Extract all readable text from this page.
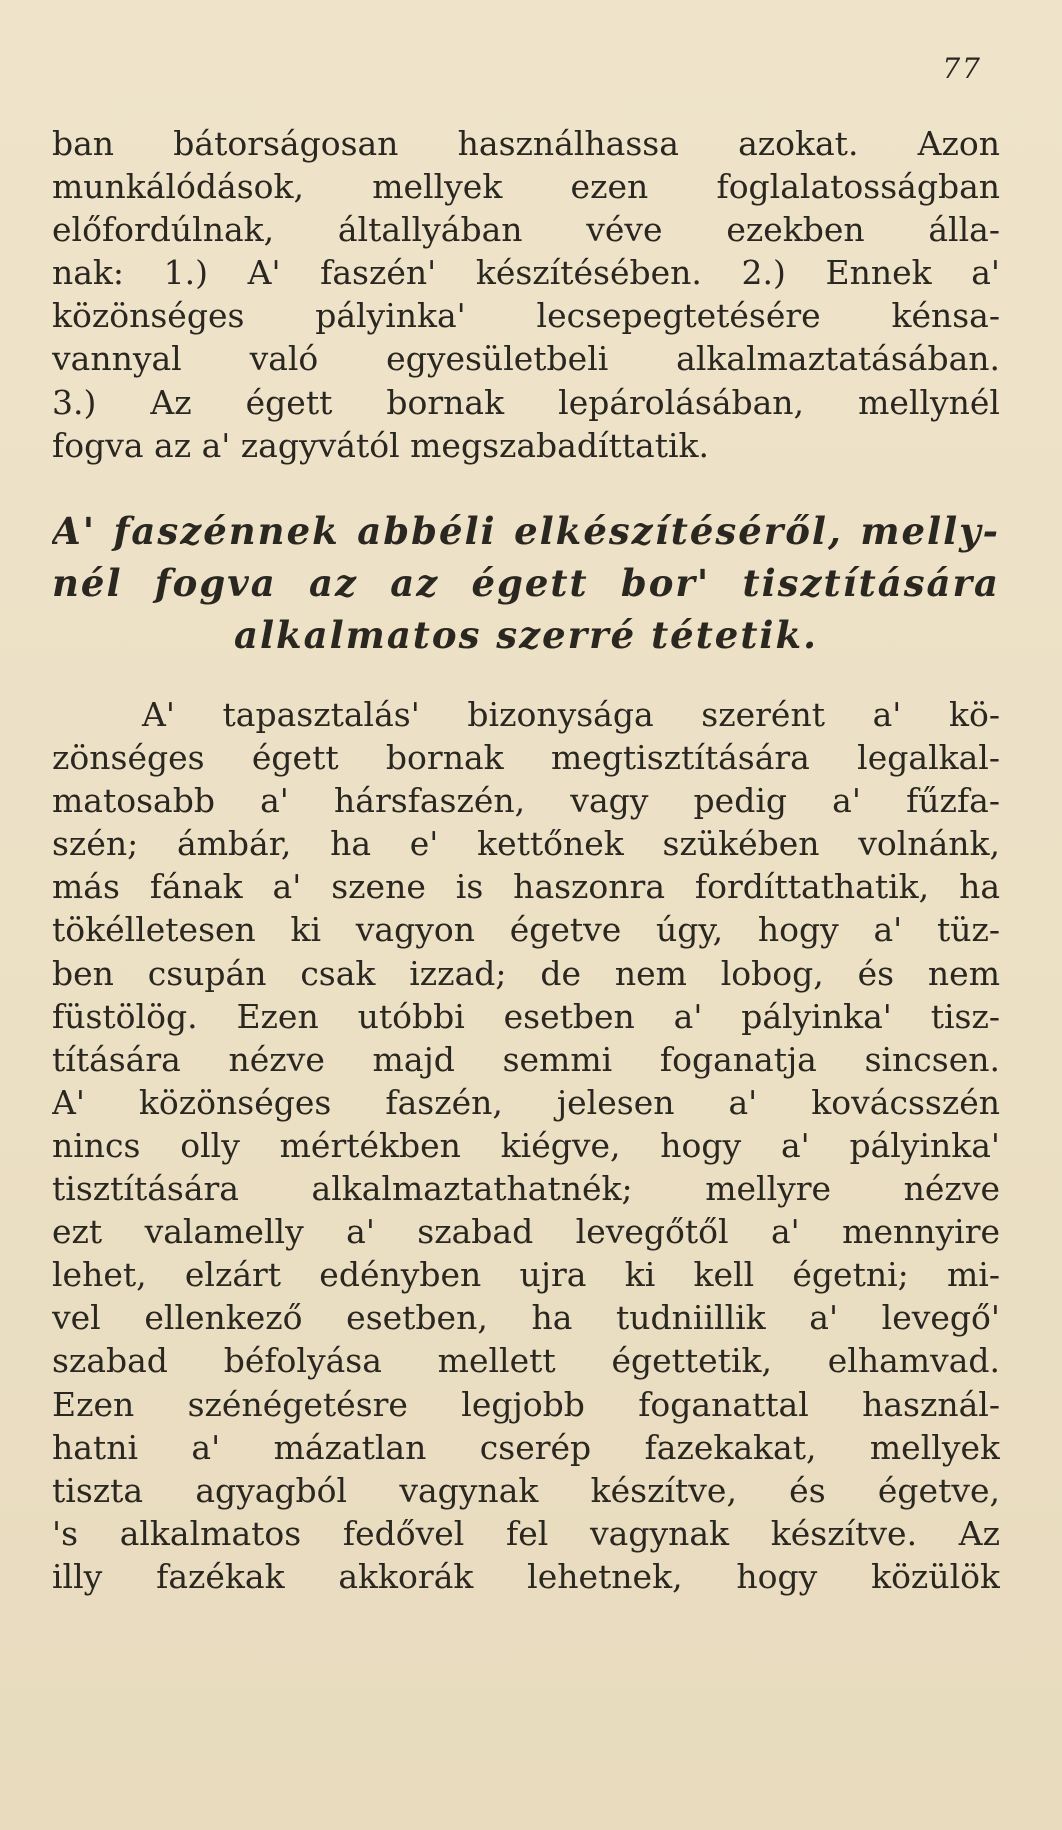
77
ban bátorságosan használhassa azokat. Azon
munkálódások, mellyek ezen foglalatosságban
előfordúlnak, általlyában véve ezekben álla-
nak: 1.) A' faszén' készítésében. 2.) Ennek a'
közönséges pályinka' lecsepegtetésére kénsa-
vannyal való egyesületbeli alkalmaztatásában.
3.) Az égett bornak lepárolásában, mellynél
fogva az a' zagyvától megszabadíttatik.
A' faszénnek abbéli elkészítéséről, melly-
nél fogva az az égett bor' tisztítására
alkalmatos szerré tétetik.
A' tapasztalás' bizonysága szerént a' kö-
zönséges égett bornak megtisztítására legalkal-
matosabb a' hársfaszén, vagy pedig a' fűzfa-
szén; ámbár, ha e' kettőnek szükében volnánk,
más fának a' szene is haszonra fordíttathatik, ha
tökélletesen ki vagyon égetve úgy, hogy a' tüz-
ben csupán csak izzad; de nem lobog, és nem
füstölög. Ezen utóbbi esetben a' pályinka' tisz-
títására nézve majd semmi foganatja sincsen.
A' közönséges faszén, jelesen a' kovácsszén
nincs olly mértékben kiégve, hogy a' pályinka'
tisztítására alkalmaztathatnék; mellyre nézve
ezt valamelly a' szabad levegőtől a' mennyire
lehet, elzárt edényben ujra ki kell égetni; mi-
vel ellenkező esetben, ha tudniillik a' levegő'
szabad béfolyása mellett égettetik, elhamvad.
Ezen szénégetésre legjobb foganattal használ-
hatni a' mázatlan cserép fazekakat, mellyek
tiszta agyagból vagynak készítve, és égetve,
's alkalmatos fedővel fel vagynak készítve. Az
illy fazékak akkorák lehetnek, hogy közülök
